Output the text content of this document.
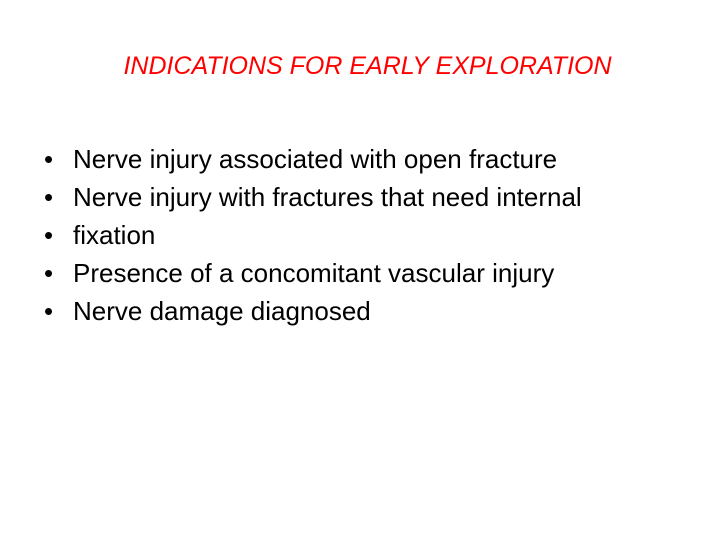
INDICATIONS FOR EARLY EXPLORATION
• Nerve injury associated with open fracture
• Nerve injury with fractures that need internal
• fixation
• Presence of a concomitant vascular injury
• Nerve damage diagnosed
